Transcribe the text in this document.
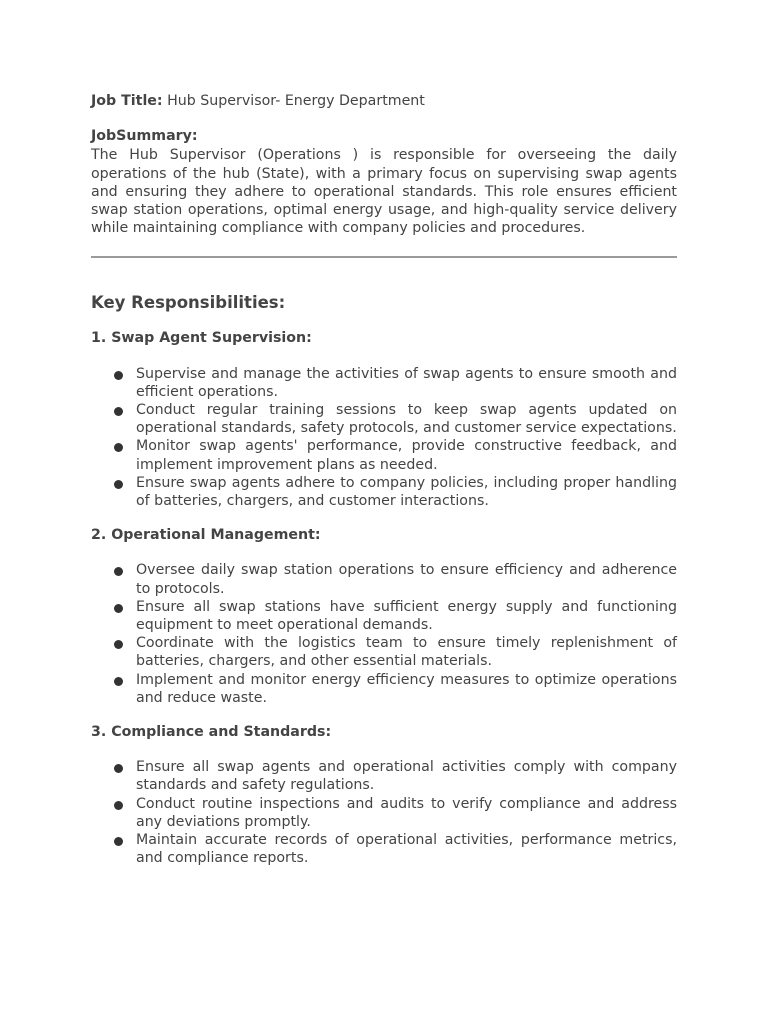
Job Title: Hub Supervisor- Energy Department

JobSummary:

The Hub Supervisor (Operations ) is responsible for overseeing the daily operations of the hub (State), with a primary focus on supervising swap agents and ensuring they adhere to operational standards. This role ensures efficient swap station operations, optimal energy usage, and high-quality service delivery while maintaining compliance with company policies and procedures.

Key Responsibilities:

1. Swap Agent Supervision:

Supervise and manage the activities of swap agents to ensure smooth and efficient operations.
Conduct regular training sessions to keep swap agents updated on operational standards, safety protocols, and customer service expectations.
Monitor swap agents' performance, provide constructive feedback, and implement improvement plans as needed.
Ensure swap agents adhere to company policies, including proper handling of batteries, chargers, and customer interactions.

2. Operational Management:

Oversee daily swap station operations to ensure efficiency and adherence to protocols.
Ensure all swap stations have sufficient energy supply and functioning equipment to meet operational demands.
Coordinate with the logistics team to ensure timely replenishment of batteries, chargers, and other essential materials.
Implement and monitor energy efficiency measures to optimize operations and reduce waste.

3. Compliance and Standards:

Ensure all swap agents and operational activities comply with company standards and safety regulations.
Conduct routine inspections and audits to verify compliance and address any deviations promptly.
Maintain accurate records of operational activities, performance metrics, and compliance reports.
